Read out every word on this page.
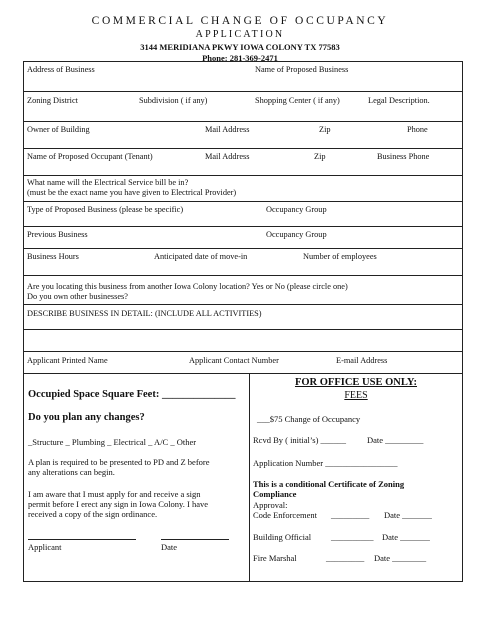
COMMERCIAL CHANGE OF OCCUPANCY
APPLICATION
3144 MERIDIANA PKWY IOWA COLONY TX 77583
Phone: 281-369-2471
Address of Business	Name of Proposed Business
Zoning District	Subdivision ( if any)	Shopping Center ( if any)	Legal Description.
Owner of Building	Mail Address	Zip	Phone
Name of Proposed Occupant (Tenant)	Mail Address	Zip	Business Phone
What name will the Electrical Service bill be in?
(must be the exact name you have given to Electrical Provider)
Type of Proposed Business (please be specific)	Occupancy Group
Previous Business	Occupancy Group
Business Hours	Anticipated date of move-in	Number of employees
Are you locating this business from another Iowa Colony location? Yes or No (please circle one)
Do you own other businesses?
DESCRIBE BUSINESS IN DETAIL: (INCLUDE ALL ACTIVITIES)
Applicant Printed Name	Applicant Contact Number	E-mail Address
Occupied Space Square Feet: ______________
Do you plan any changes?
_Structure _ Plumbing _ Electrical _ A/C _ Other
A plan is required to be presented to PD and Z before
any alterations can begin.
I am aware that I must apply for and receive a sign
permit before I erect any sign in Iowa Colony. I have
received a copy of the sign ordinance.
Applicant	Date
FOR OFFICE USE ONLY:
FEES
___$75 Change of Occupancy
Rcvd By ( initial’s) ______ Date _________
Application Number _________________
This is a conditional Certificate of Zoning
Compliance
Approval:
Code Enforcement _________ Date _______
Building Official __________ Date _______
Fire Marshal	_________ Date ________
